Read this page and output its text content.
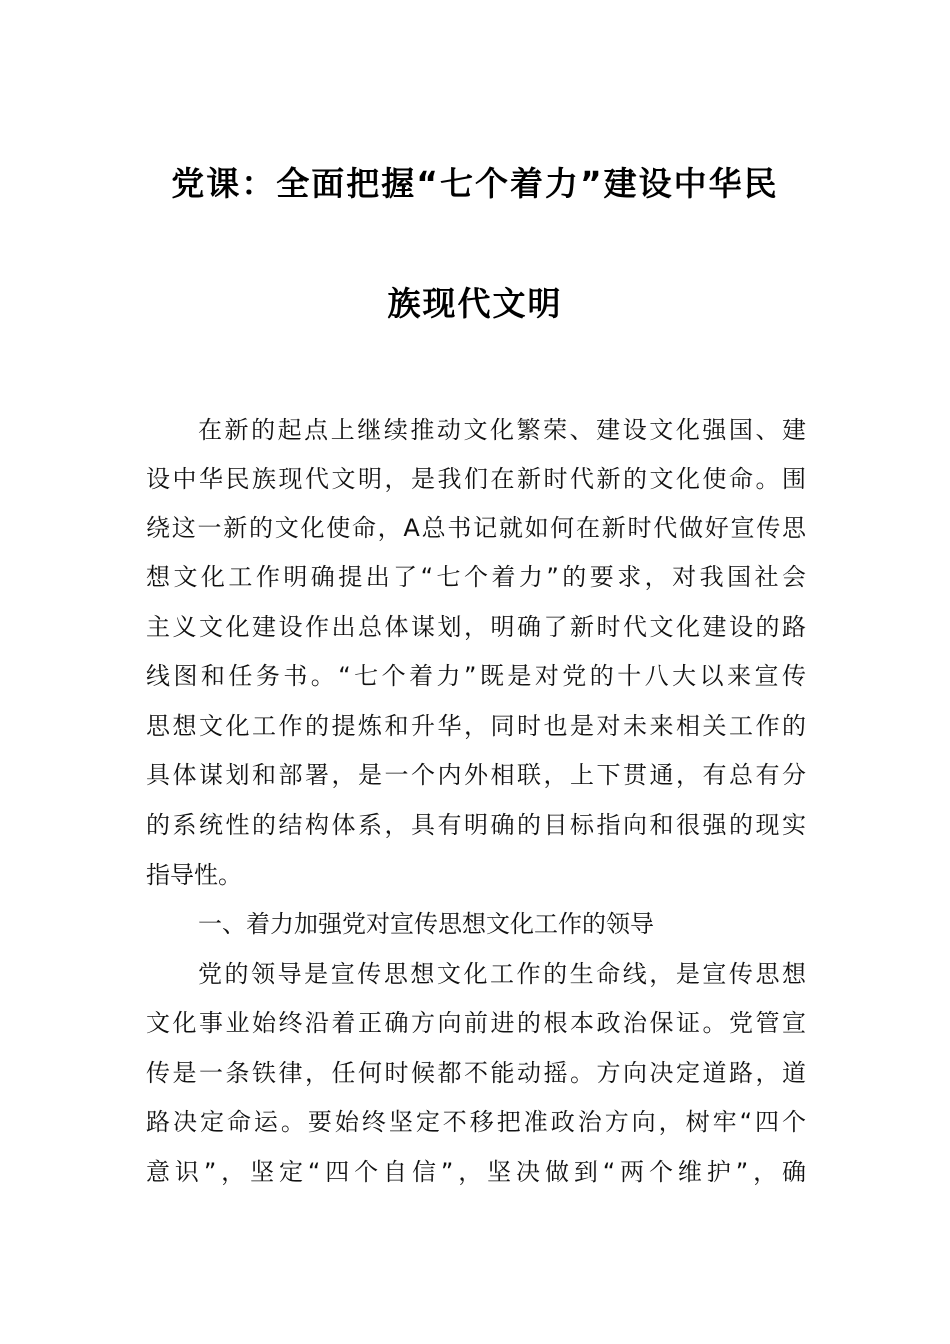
党课：全面把握“七个着力”建设中华民
族现代文明
在新的起点上继续推动文化繁荣、建设文化强国、建
设中华民族现代文明，是我们在新时代新的文化使命。围
绕这一新的文化使命，A总书记就如何在新时代做好宣传思
想文化工作明确提出了“七个着力”的要求，对我国社会
主义文化建设作出总体谋划，明确了新时代文化建设的路
线图和任务书。“七个着力”既是对党的十八大以来宣传
思想文化工作的提炼和升华，同时也是对未来相关工作的
具体谋划和部署，是一个内外相联，上下贯通，有总有分
的系统性的结构体系，具有明确的目标指向和很强的现实
指导性。
一、着力加强党对宣传思想文化工作的领导
党的领导是宣传思想文化工作的生命线，是宣传思想
文化事业始终沿着正确方向前进的根本政治保证。党管宣
传是一条铁律，任何时候都不能动摇。方向决定道路，道
路决定命运。要始终坚定不移把准政治方向，树牢“四个
意识”，坚定“四个自信”，坚决做到“两个维护”，确
